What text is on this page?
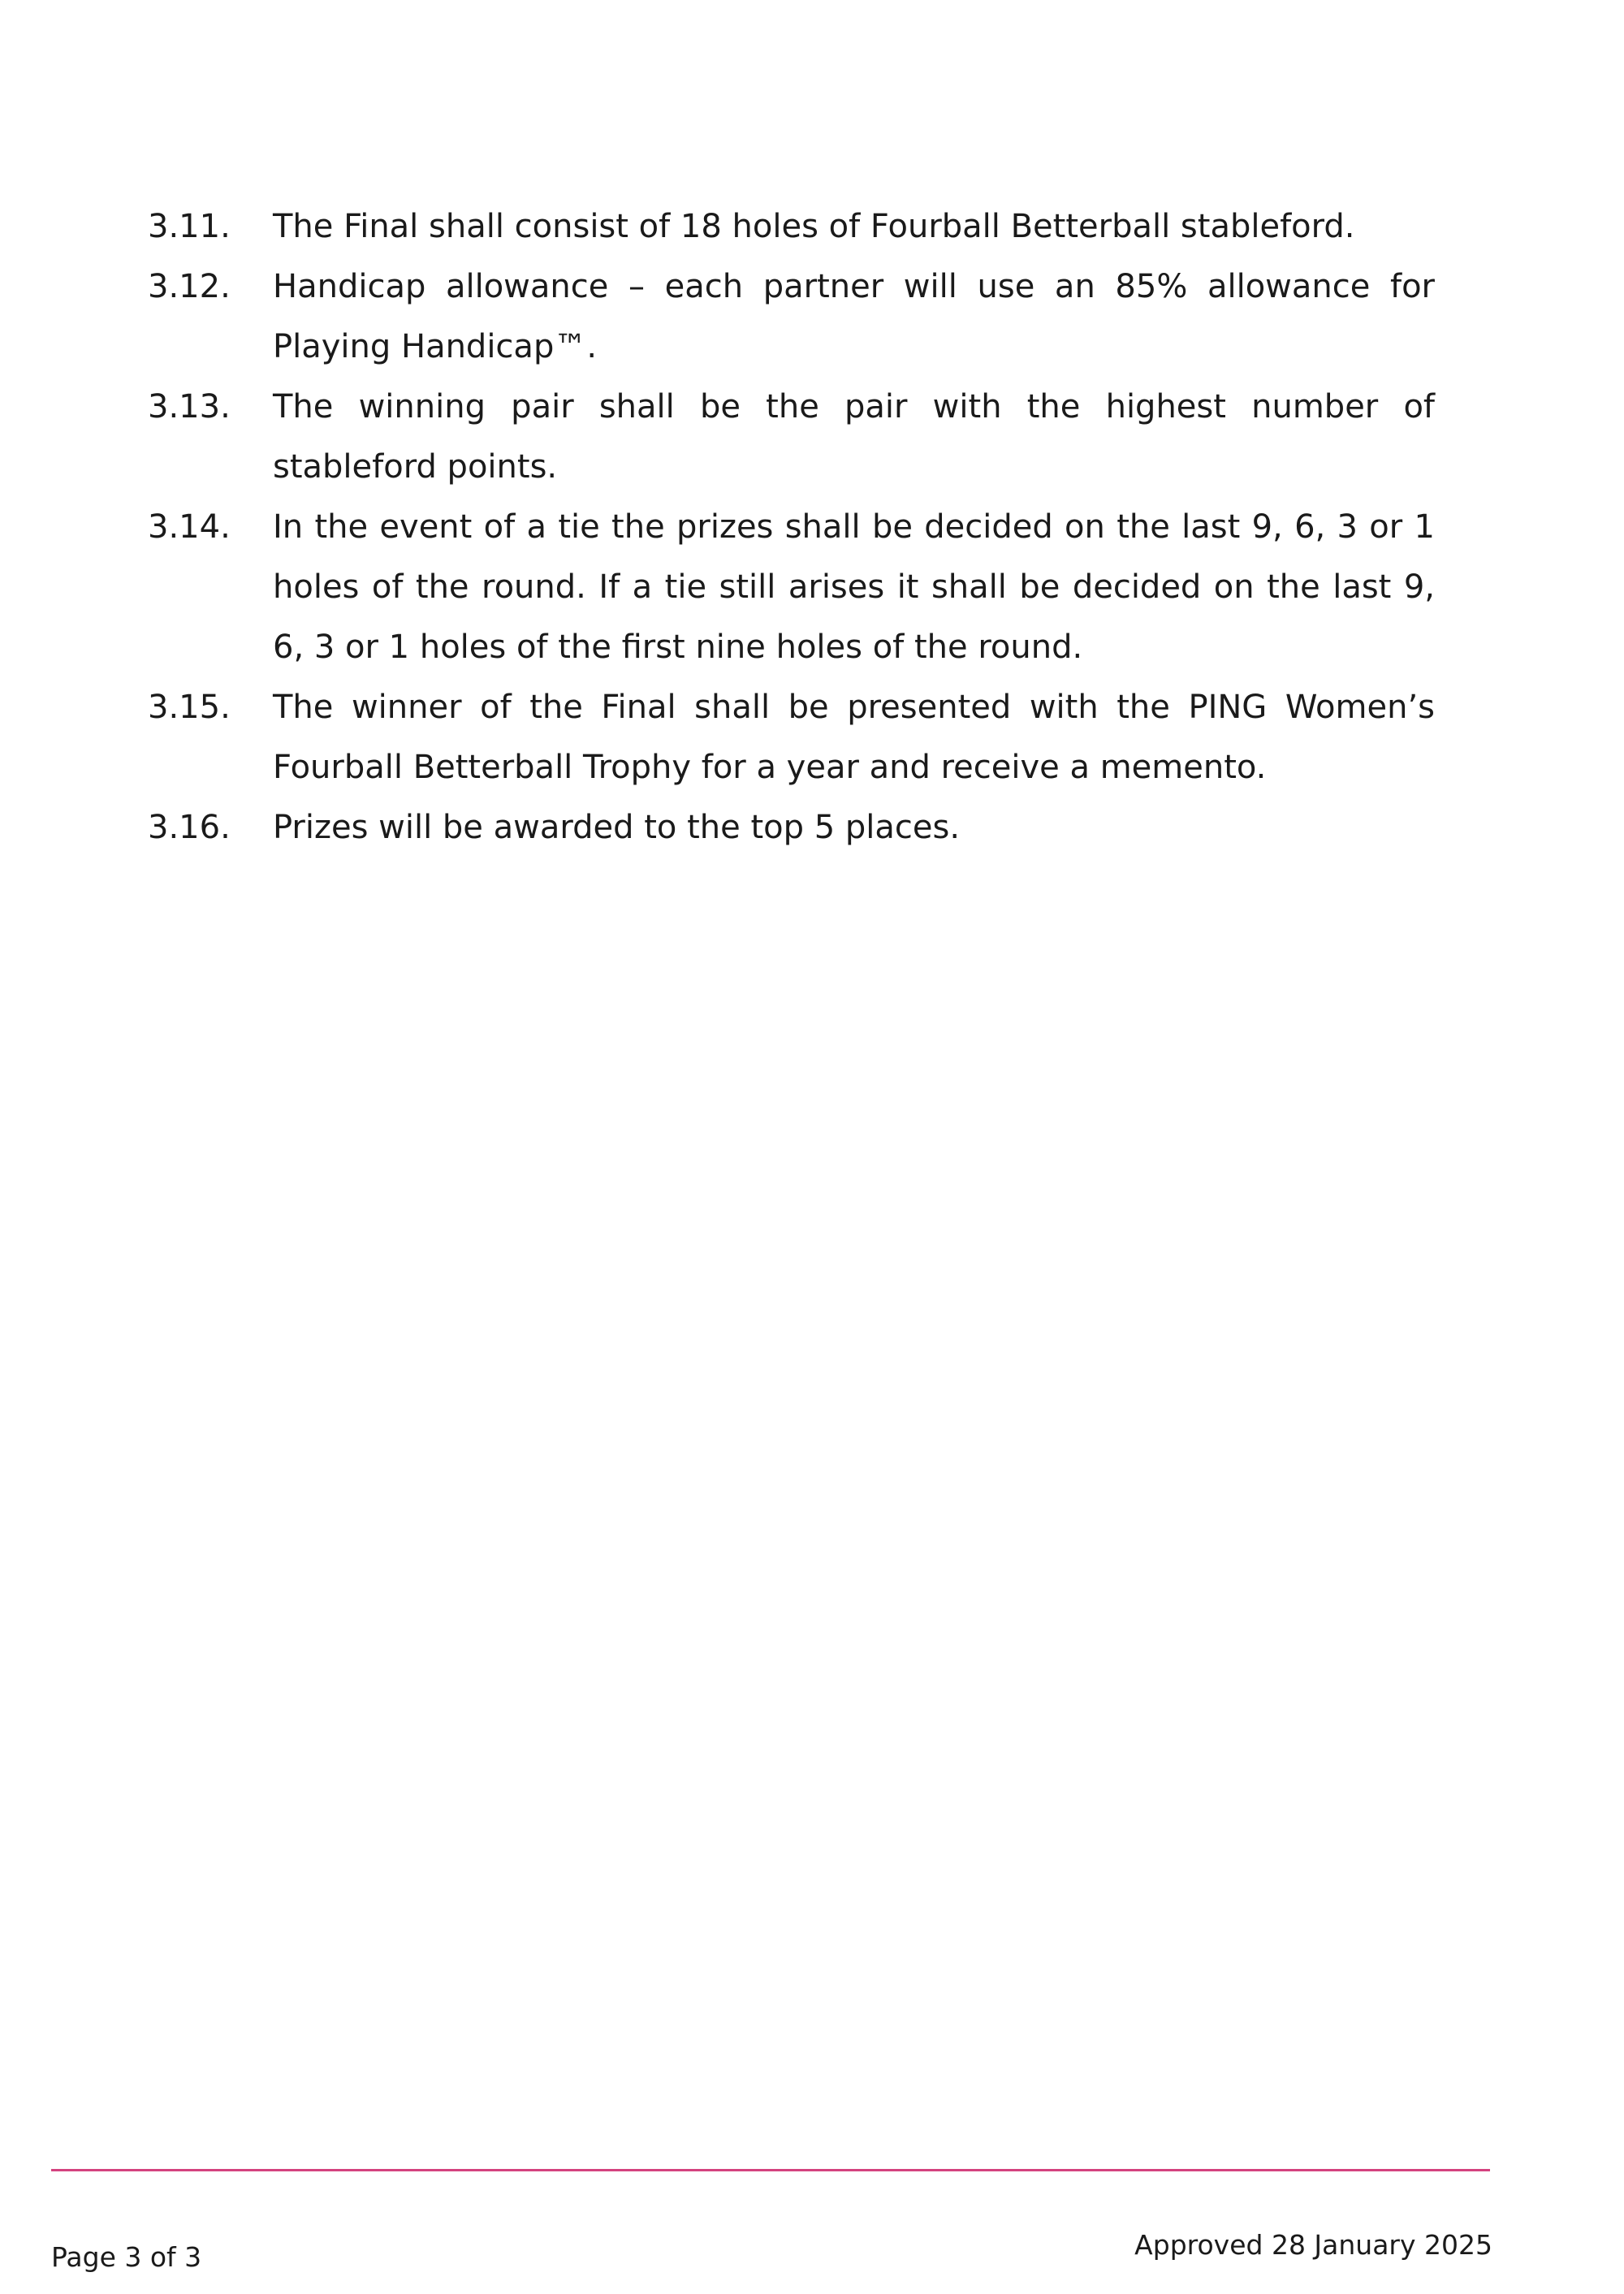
3.11.	The Final shall consist of 18 holes of Fourball Betterball stableford.

3.12.	Handicap allowance – each partner will use an 85% allowance for Playing Handicap™.

3.13.	The winning pair shall be the pair with the highest number of stableford points.

3.14.	In the event of a tie the prizes shall be decided on the last 9, 6, 3 or 1 holes of the round. If a tie still arises it shall be decided on the last 9, 6, 3 or 1 holes of the first nine holes of the round.

3.15.	The winner of the Final shall be presented with the PING Women’s Fourball Betterball Trophy for a year and receive a memento.

3.16.	Prizes will be awarded to the top 5 places.

Page 3 of 3	Approved 28 January 2025
